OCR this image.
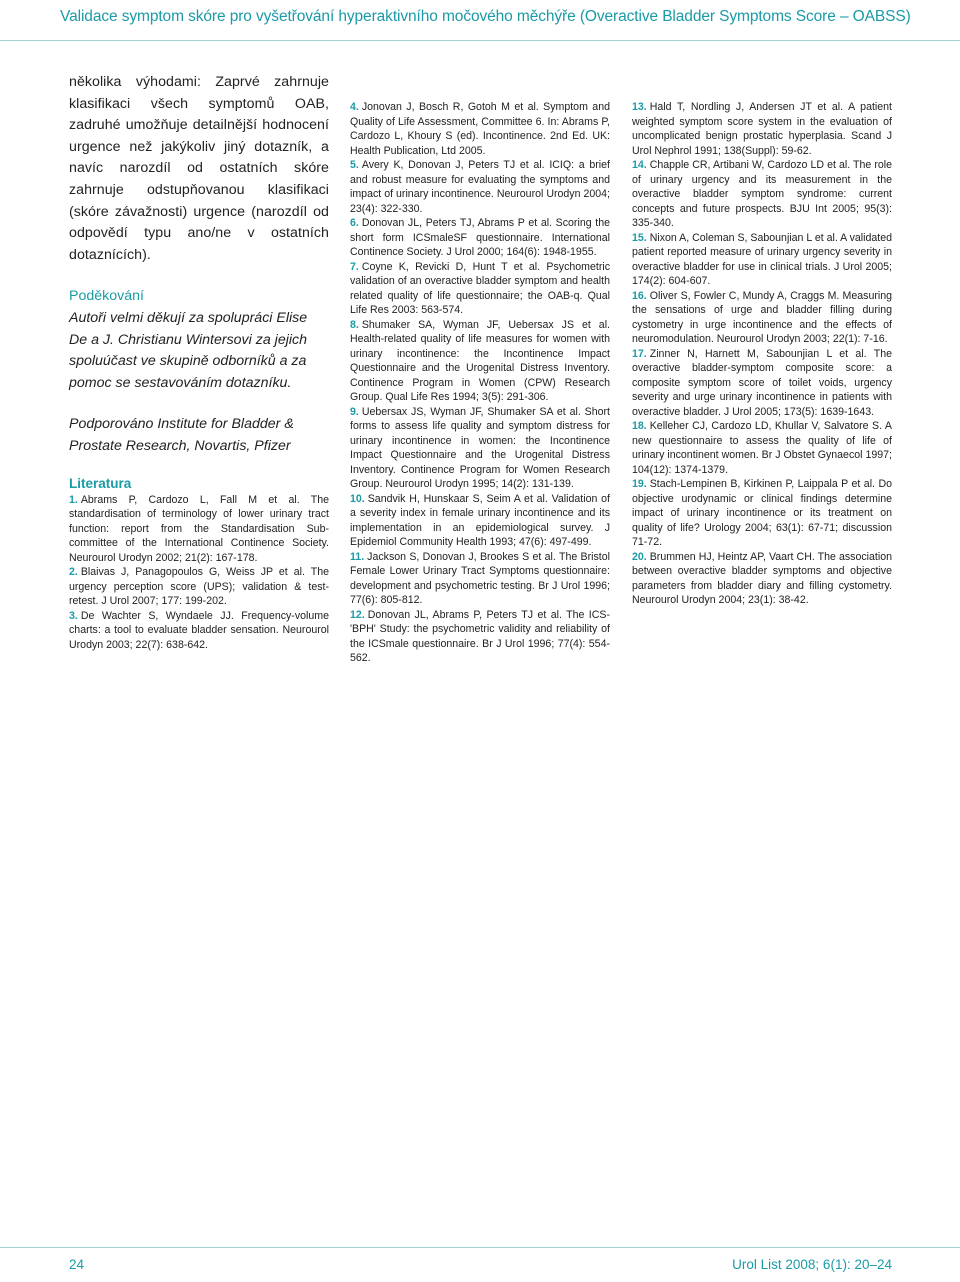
Validace symptom skóre pro vyšetřování hyperaktivního močového měchýře (Overactive Bladder Symptoms Score – OABSS)

několika výhodami: Zaprvé zahrnuje klasifikaci všech symptomů OAB, zadruhé umožňuje detailnější hodnocení urgence než jakýkoliv jiný dotazník, a navíc narozdíl od ostatních skóre zahrnuje odstupňovanou klasifikaci (skóre závažnosti) urgence (narozdíl od odpovědí typu ano/ne v ostatních dotaznících).

Poděkování

Autoři velmi děkují za spolupráci Elise De a J. Christianu Wintersovi za jejich spoluúčast ve skupině odborníků a za pomoc se sestavováním dotazníku.

Podporováno Institute for Bladder & Prostate Research, Novartis, Pfizer

Literatura

1. Abrams P, Cardozo L, Fall M et al. The standardisation of terminology of lower urinary tract function: report from the Standardisation Sub-committee of the International Continence Society. Neurourol Urodyn 2002; 21(2): 167-178.

2. Blaivas J, Panagopoulos G, Weiss JP et al. The urgency perception score (UPS); validation & test-retest. J Urol 2007; 177: 199-202.

3. De Wachter S, Wyndaele JJ. Frequency-volume charts: a tool to evaluate bladder sensation. Neurourol Urodyn 2003; 22(7): 638-642.

4. Jonovan J, Bosch R, Gotoh M et al. Symptom and Quality of Life Assessment, Committee 6. In: Abrams P, Cardozo L, Khoury S (ed). Incontinence. 2nd Ed. UK: Health Publication, Ltd 2005.

5. Avery K, Donovan J, Peters TJ et al. ICIQ: a brief and robust measure for evaluating the symptoms and impact of urinary incontinence. Neurourol Urodyn 2004; 23(4): 322-330.

6. Donovan JL, Peters TJ, Abrams P et al. Scoring the short form ICSmaleSF questionnaire. International Continence Society. J Urol 2000; 164(6): 1948-1955.

7. Coyne K, Revicki D, Hunt T et al. Psychometric validation of an overactive bladder symptom and health related quality of life questionnaire; the OAB-q. Qual Life Res 2003: 563-574.

8. Shumaker SA, Wyman JF, Uebersax JS et al. Health-related quality of life measures for women with urinary incontinence: the Incontinence Impact Questionnaire and the Urogenital Distress Inventory. Continence Program in Women (CPW) Research Group. Qual Life Res 1994; 3(5): 291-306.

9. Uebersax JS, Wyman JF, Shumaker SA et al. Short forms to assess life quality and symptom distress for urinary incontinence in women: the Incontinence Impact Questionnaire and the Urogenital Distress Inventory. Continence Program for Women Research Group. Neurourol Urodyn 1995; 14(2): 131-139.

10. Sandvik H, Hunskaar S, Seim A et al. Validation of a severity index in female urinary incontinence and its implementation in an epidemiological survey. J Epidemiol Community Health 1993; 47(6): 497-499.

11. Jackson S, Donovan J, Brookes S et al. The Bristol Female Lower Urinary Tract Symptoms questionnaire: development and psychometric testing. Br J Urol 1996; 77(6): 805-812.

12. Donovan JL, Abrams P, Peters TJ et al. The ICS-'BPH' Study: the psychometric validity and reliability of the ICSmale questionnaire. Br J Urol 1996; 77(4): 554-562.

13. Hald T, Nordling J, Andersen JT et al. A patient weighted symptom score system in the evaluation of uncomplicated benign prostatic hyperplasia. Scand J Urol Nephrol 1991; 138(Suppl): 59-62.

14. Chapple CR, Artibani W, Cardozo LD et al. The role of urinary urgency and its measurement in the overactive bladder symptom syndrome: current concepts and future prospects. BJU Int 2005; 95(3): 335-340.

15. Nixon A, Coleman S, Sabounjian L et al. A validated patient reported measure of urinary urgency severity in overactive bladder for use in clinical trials. J Urol 2005; 174(2): 604-607.

16. Oliver S, Fowler C, Mundy A, Craggs M. Measuring the sensations of urge and bladder filling during cystometry in urge incontinence and the effects of neuromodulation. Neurourol Urodyn 2003; 22(1): 7-16.

17. Zinner N, Harnett M, Sabounjian L et al. The overactive bladder-symptom composite score: a composite symptom score of toilet voids, urgency severity and urge urinary incontinence in patients with overactive bladder. J Urol 2005; 173(5): 1639-1643.

18. Kelleher CJ, Cardozo LD, Khullar V, Salvatore S. A new questionnaire to assess the quality of life of urinary incontinent women. Br J Obstet Gynaecol 1997; 104(12): 1374-1379.

19. Stach-Lempinen B, Kirkinen P, Laippala P et al. Do objective urodynamic or clinical findings determine impact of urinary incontinence or its treatment on quality of life? Urology 2004; 63(1): 67-71; discussion 71-72.

20. Brummen HJ, Heintz AP, Vaart CH. The association between overactive bladder symptoms and objective parameters from bladder diary and filling cystometry. Neurourol Urodyn 2004; 23(1): 38-42.

24	Urol List 2008; 6(1): 20–24
